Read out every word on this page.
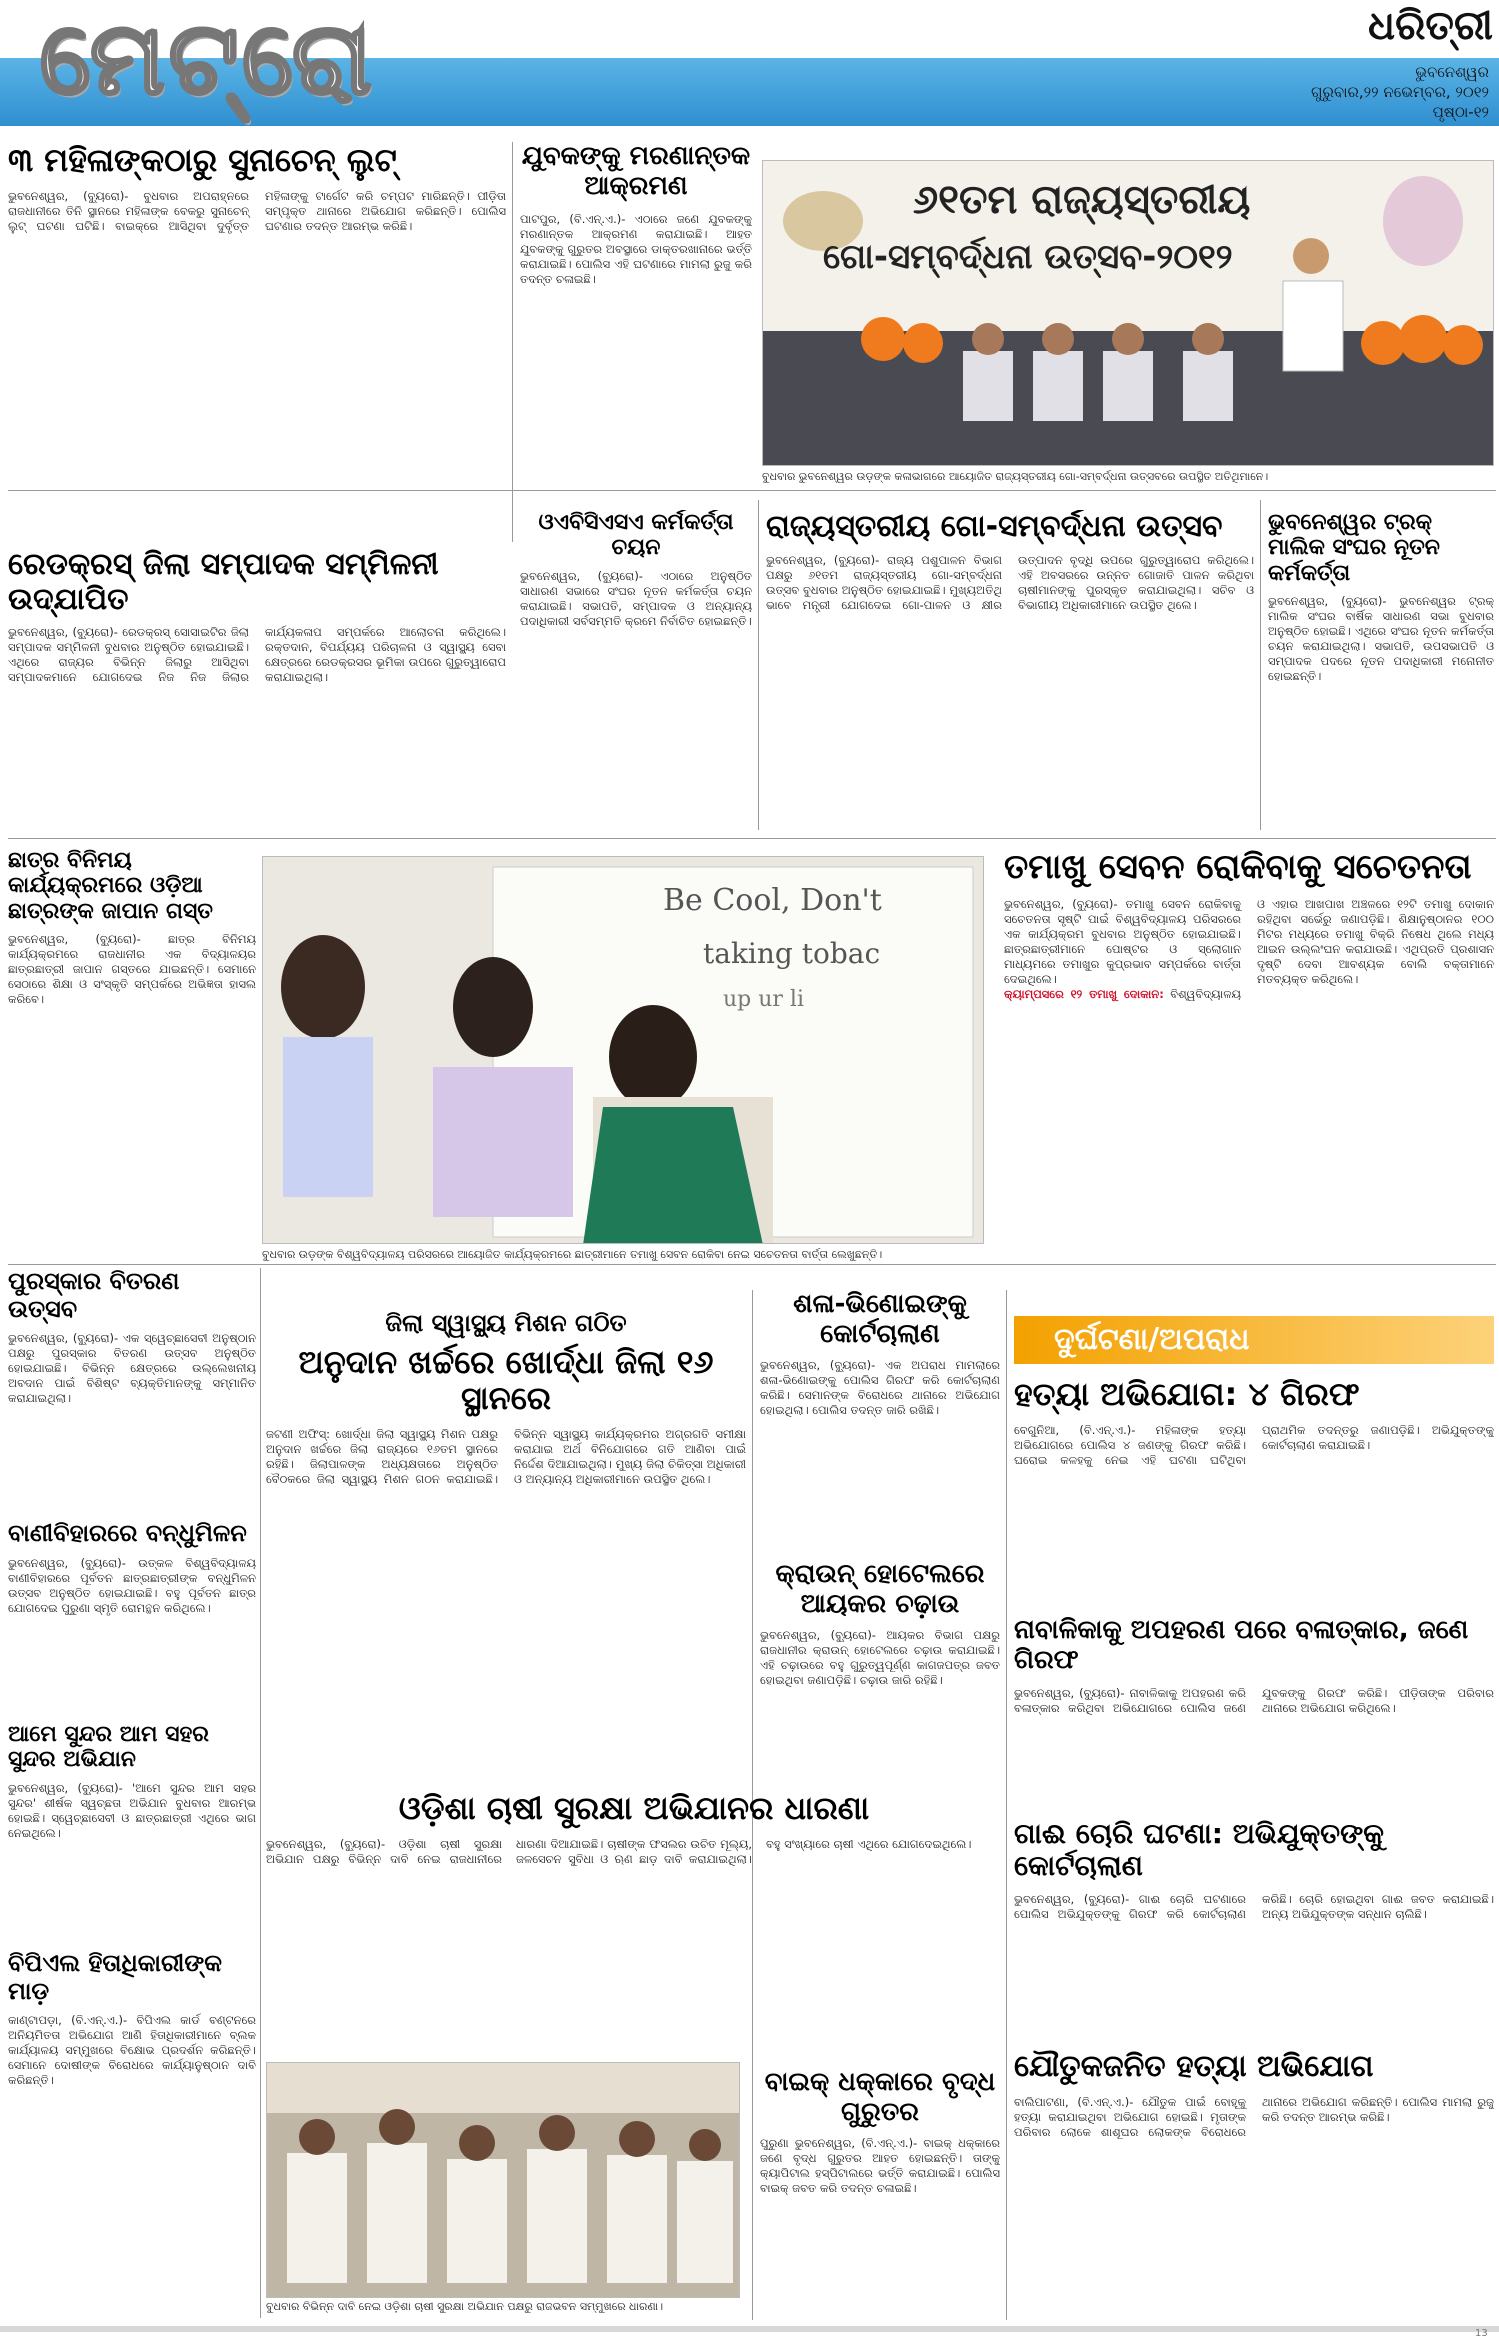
ମେଟ୍ରୋ	ଧରିତ୍ରୀ
ଭୁବନେଶ୍ୱର
ଗୁରୁବାର,୨୨ ନଭେମ୍ବର, ୨୦୧୨
ପୃଷ୍ଠା-୧୨
୩ ମହିଳାଙ୍କଠାରୁ ସୁନାଚେନ୍ ଲୁଟ୍
ଭୁବନେଶ୍ୱର, (ବ୍ୟୁରୋ)- ବୁଧବାର ଅପରାହ୍ନରେ ରାଜଧାନୀରେ ତିନି ସ୍ଥାନରେ ମହିଳାଙ୍କ ବେକରୁ ସୁନାଚେନ୍ ଲୁଟ୍ ଘଟଣା ଘଟିଛି। ବାଇକ୍‌ରେ ଆସିଥିବା ଦୁର୍ବୃତ୍ତ ମହିଳାଙ୍କୁ ଟାର୍ଗେଟ କରି ଚମ୍ପଟ ମାରିଛନ୍ତି। ପୀଡ଼ିତା ସମ୍ପୃକ୍ତ ଥାନାରେ ଅଭିଯୋଗ କରିଛନ୍ତି। ପୋଲିସ ଘଟଣାର ତଦନ୍ତ ଆରମ୍ଭ କରିଛି।
ଯୁବକଙ୍କୁ ମରଣାନ୍ତକ ଆକ୍ରମଣ
ପାଟପୁର, (ବି.ଏନ୍.ଏ.)- ଏଠାରେ ଜଣେ ଯୁବକଙ୍କୁ ମରଣାନ୍ତକ ଆକ୍ରମଣ କରାଯାଇଛି। ଆହତ ଯୁବକଙ୍କୁ ଗୁରୁତର ଅବସ୍ଥାରେ ଡାକ୍ତରଖାନାରେ ଭର୍ତ୍ତି କରାଯାଇଛି। ପୋଲିସ ଏହି ଘଟଣାରେ ମାମଲା ରୁଜୁ କରି ତଦନ୍ତ ଚଳାଇଛି।
୬୧ତମ ରାଜ୍ୟସ୍ତରୀୟ
ଗୋ-ସମ୍ବର୍ଦ୍ଧନା ଉତ୍ସବ-୨୦୧୨
ବୁଧବାର ଭୁବନେଶ୍ୱର ଉଡ଼ଙ୍କ କଳାଭାଗରେ ଆୟୋଜିତ ରାଜ୍ୟସ୍ତରୀୟ ଗୋ-ସମ୍ବର୍ଦ୍ଧନା ଉତ୍ସବରେ ଉପସ୍ଥିତ ଅତିଥିମାନେ।
ରେଡକ୍ରସ୍ ଜିଲା ସମ୍ପାଦକ ସମ୍ମିଳନୀ ଉଦ୍‌ଯାପିତ
ଭୁବନେଶ୍ୱର, (ବ୍ୟୁରୋ)- ରେଡକ୍ରସ୍ ସୋସାଇଟିର ଜିଲା ସମ୍ପାଦକ ସମ୍ମିଳନୀ ବୁଧବାର ଅନୁଷ୍ଠିତ ହୋଇଯାଇଛି। ଏଥିରେ ରାଜ୍ୟର ବିଭିନ୍ନ ଜିଲାରୁ ଆସିଥିବା ସମ୍ପାଦକମାନେ ଯୋଗଦେଇ ନିଜ ନିଜ ଜିଲାର କାର୍ଯ୍ୟକଳାପ ସମ୍ପର୍କରେ ଆଲୋଚନା କରିଥିଲେ। ରକ୍ତଦାନ, ବିପର୍ଯ୍ୟୟ ପରିଚାଳନା ଓ ସ୍ୱାସ୍ଥ୍ୟ ସେବା କ୍ଷେତ୍ରରେ ରେଡକ୍ରସର ଭୂମିକା ଉପରେ ଗୁରୁତ୍ୱାରୋପ କରାଯାଇଥିଲା।
ଓଏବିସିଏସଏ କର୍ମକର୍ତ୍ତା ଚୟନ
ଭୁବନେଶ୍ୱର, (ବ୍ୟୁରୋ)- ଏଠାରେ ଅନୁଷ୍ଠିତ ସାଧାରଣ ସଭାରେ ସଂଘର ନୂତନ କର୍ମକର୍ତ୍ତା ଚୟନ କରାଯାଇଛି। ସଭାପତି, ସମ୍ପାଦକ ଓ ଅନ୍ୟାନ୍ୟ ପଦାଧିକାରୀ ସର୍ବସମ୍ମତି କ୍ରମେ ନିର୍ବାଚିତ ହୋଇଛନ୍ତି।
ରାଜ୍ୟସ୍ତରୀୟ ଗୋ-ସମ୍ବର୍ଦ୍ଧନା ଉତ୍ସବ
ଭୁବନେଶ୍ୱର, (ବ୍ୟୁରୋ)- ରାଜ୍ୟ ପଶୁପାଳନ ବିଭାଗ ପକ୍ଷରୁ ୬୧ତମ ରାଜ୍ୟସ୍ତରୀୟ ଗୋ-ସମ୍ବର୍ଦ୍ଧନା ଉତ୍ସବ ବୁଧବାର ଅନୁଷ୍ଠିତ ହୋଇଯାଇଛି। ମୁଖ୍ୟଅତିଥି ଭାବେ ମନ୍ତ୍ରୀ ଯୋଗଦେଇ ଗୋ-ପାଳନ ଓ କ୍ଷୀର ଉତ୍ପାଦନ ବୃଦ୍ଧି ଉପରେ ଗୁରୁତ୍ୱାରୋପ କରିଥିଲେ। ଏହି ଅବସରରେ ଉନ୍ନତ ଗୋଜାତି ପାଳନ କରିଥିବା ଚାଷୀମାନଙ୍କୁ ପୁରସ୍କୃତ କରାଯାଇଥିଲା। ସଚିବ ଓ ବିଭାଗୀୟ ଅଧିକାରୀମାନେ ଉପସ୍ଥିତ ଥିଲେ।
ଭୁବନେଶ୍ୱର ଟ୍ରକ୍ ମାଲିକ ସଂଘର ନୂତନ କର୍ମକର୍ତ୍ତା
ଭୁବନେଶ୍ୱର, (ବ୍ୟୁରୋ)- ଭୁବନେଶ୍ୱର ଟ୍ରକ୍ ମାଲିକ ସଂଘର ବାର୍ଷିକ ସାଧାରଣ ସଭା ବୁଧବାର ଅନୁଷ୍ଠିତ ହୋଇଛି। ଏଥିରେ ସଂଘର ନୂତନ କର୍ମକର୍ତ୍ତା ଚୟନ କରାଯାଇଥିଲା। ସଭାପତି, ଉପସଭାପତି ଓ ସମ୍ପାଦକ ପଦରେ ନୂତନ ପଦାଧିକାରୀ ମନୋନୀତ ହୋଇଛନ୍ତି।
ଛାତ୍ର ବିନିମୟ କାର୍ଯ୍ୟକ୍ରମରେ ଓଡ଼ିଆ ଛାତ୍ରଙ୍କ ଜାପାନ ଗସ୍ତ
ଭୁବନେଶ୍ୱର, (ବ୍ୟୁରୋ)- ଛାତ୍ର ବିନିମୟ କାର୍ଯ୍ୟକ୍ରମରେ ରାଜଧାନୀର ଏକ ବିଦ୍ୟାଳୟର ଛାତ୍ରଛାତ୍ରୀ ଜାପାନ ଗସ୍ତରେ ଯାଇଛନ୍ତି। ସେମାନେ ସେଠାରେ ଶିକ୍ଷା ଓ ସଂସ୍କୃତି ସମ୍ପର୍କରେ ଅଭିଜ୍ଞତା ହାସଲ କରିବେ।
Be Cool, Don't
taking tobac
up ur li
ବୁଧବାର ଉଡ଼ଙ୍କ ବିଶ୍ୱବିଦ୍ୟାଳୟ ପରିସରରେ ଆୟୋଜିତ କାର୍ଯ୍ୟକ୍ରମରେ ଛାତ୍ରୀମାନେ ତମାଖୁ ସେବନ ରୋକିବା ନେଇ ସଚେତନତା ବାର୍ତ୍ତା ଲେଖୁଛନ୍ତି।
ତମାଖୁ ସେବନ ରୋକିବାକୁ ସଚେତନତା
ଭୁବନେଶ୍ୱର, (ବ୍ୟୁରୋ)- ତମାଖୁ ସେବନ ରୋକିବାକୁ ସଚେତନତା ସୃଷ୍ଟି ପାଇଁ ବିଶ୍ୱବିଦ୍ୟାଳୟ ପରିସରରେ ଏକ କାର୍ଯ୍ୟକ୍ରମ ବୁଧବାର ଅନୁଷ୍ଠିତ ହୋଇଯାଇଛି। ଛାତ୍ରଛାତ୍ରୀମାନେ ପୋଷ୍ଟର ଓ ସ୍ଲୋଗାନ ମାଧ୍ୟମରେ ତମାଖୁର କୁପ୍ରଭାବ ସମ୍ପର୍କରେ ବାର୍ତ୍ତା ଦେଇଥିଲେ।
କ୍ୟାମ୍ପସରେ ୧୨ ତମାଖୁ ଦୋକାନ: ବିଶ୍ୱବିଦ୍ୟାଳୟ ଓ ଏହାର ଆଖପାଖ ଅଞ୍ଚଳରେ ୧୨ଟି ତମାଖୁ ଦୋକାନ ରହିଥିବା ସର୍ଭେରୁ ଜଣାପଡ଼ିଛି। ଶିକ୍ଷାନୁଷ୍ଠାନର ୧୦୦ ମିଟର ମଧ୍ୟରେ ତମାଖୁ ବିକ୍ରି ନିଷେଧ ଥିଲେ ମଧ୍ୟ ଆଇନ ଉଲ୍ଲଂଘନ କରାଯାଉଛି। ଏଥିପ୍ରତି ପ୍ରଶାସନ ଦୃଷ୍ଟି ଦେବା ଆବଶ୍ୟକ ବୋଲି ବକ୍ତାମାନେ ମତବ୍ୟକ୍ତ କରିଥିଲେ।
ପୁରସ୍କାର ବିତରଣ ଉତ୍ସବ
ଭୁବନେଶ୍ୱର, (ବ୍ୟୁରୋ)- ଏକ ସ୍ୱେଚ୍ଛାସେବୀ ଅନୁଷ୍ଠାନ ପକ୍ଷରୁ ପୁରସ୍କାର ବିତରଣ ଉତ୍ସବ ଅନୁଷ୍ଠିତ ହୋଇଯାଇଛି। ବିଭିନ୍ନ କ୍ଷେତ୍ରରେ ଉଲ୍ଲେଖନୀୟ ଅବଦାନ ପାଇଁ ବିଶିଷ୍ଟ ବ୍ୟକ୍ତିମାନଙ୍କୁ ସମ୍ମାନିତ କରାଯାଇଥିଲା।
ବାଣୀବିହାରରେ ବନ୍ଧୁମିଳନ
ଭୁବନେଶ୍ୱର, (ବ୍ୟୁରୋ)- ଉତ୍କଳ ବିଶ୍ୱବିଦ୍ୟାଳୟ ବାଣୀବିହାରରେ ପୂର୍ବତନ ଛାତ୍ରଛାତ୍ରୀଙ୍କ ବନ୍ଧୁମିଳନ ଉତ୍ସବ ଅନୁଷ୍ଠିତ ହୋଇଯାଇଛି। ବହୁ ପୂର୍ବତନ ଛାତ୍ର ଯୋଗଦେଇ ପୁରୁଣା ସ୍ମୃତି ରୋମନ୍ଥନ କରିଥିଲେ।
ଆମେ ସୁନ୍ଦର ଆମ ସହର ସୁନ୍ଦର ଅଭିଯାନ
ଭୁବନେଶ୍ୱର, (ବ୍ୟୁରୋ)- 'ଆମେ ସୁନ୍ଦର ଆମ ସହର ସୁନ୍ଦର' ଶୀର୍ଷକ ସ୍ୱଚ୍ଛତା ଅଭିଯାନ ବୁଧବାର ଆରମ୍ଭ ହୋଇଛି। ସ୍ୱେଚ୍ଛାସେବୀ ଓ ଛାତ୍ରଛାତ୍ରୀ ଏଥିରେ ଭାଗ ନେଇଥିଲେ।
ବିପିଏଲ ହିତାଧିକାରୀଙ୍କ ମାଡ଼
କାଣ୍ଟାପଡ଼ା, (ବି.ଏନ୍.ଏ.)- ବିପିଏଲ କାର୍ଡ ବଣ୍ଟନରେ ଅନିୟମିତତା ଅଭିଯୋଗ ଆଣି ହିତାଧିକାରୀମାନେ ବ୍ଲକ କାର୍ଯ୍ୟାଳୟ ସମ୍ମୁଖରେ ବିକ୍ଷୋଭ ପ୍ରଦର୍ଶନ କରିଛନ୍ତି। ସେମାନେ ଦୋଷୀଙ୍କ ବିରୋଧରେ କାର୍ଯ୍ୟାନୁଷ୍ଠାନ ଦାବି କରିଛନ୍ତି।
ଜିଲା ସ୍ୱାସ୍ଥ୍ୟ ମିଶନ ଗଠିତ
ଅନୁଦାନ ଖର୍ଚ୍ଚରେ ଖୋର୍ଦ୍ଧା ଜିଲା ୧୬ ସ୍ଥାନରେ
ଜଟଣୀ ଅଫିସ୍: ଖୋର୍ଦ୍ଧା ଜିଲା ସ୍ୱାସ୍ଥ୍ୟ ମିଶନ ପକ୍ଷରୁ ଅନୁଦାନ ଖର୍ଚ୍ଚରେ ଜିଲା ରାଜ୍ୟରେ ୧୬ତମ ସ୍ଥାନରେ ରହିଛି। ଜିଲାପାଳଙ୍କ ଅଧ୍ୟକ୍ଷତାରେ ଅନୁଷ୍ଠିତ ବୈଠକରେ ଜିଲା ସ୍ୱାସ୍ଥ୍ୟ ମିଶନ ଗଠନ କରାଯାଇଛି। ବିଭିନ୍ନ ସ୍ୱାସ୍ଥ୍ୟ କାର୍ଯ୍ୟକ୍ରମର ଅଗ୍ରଗତି ସମୀକ୍ଷା କରାଯାଇ ଅର୍ଥ ବିନିଯୋଗରେ ଗତି ଆଣିବା ପାଇଁ ନିର୍ଦ୍ଦେଶ ଦିଆଯାଇଥିଲା। ମୁଖ୍ୟ ଜିଲା ଚିକିତ୍ସା ଅଧିକାରୀ ଓ ଅନ୍ୟାନ୍ୟ ଅଧିକାରୀମାନେ ଉପସ୍ଥିତ ଥିଲେ।
ଶଳା-ଭିଣୋଇଙ୍କୁ କୋର୍ଟଚାଲାଣ
ଭୁବନେଶ୍ୱର, (ବ୍ୟୁରୋ)- ଏକ ଅପରାଧ ମାମଲାରେ ଶଳା-ଭିଣୋଇଙ୍କୁ ପୋଲିସ ଗିରଫ କରି କୋର୍ଟଚାଲାଣ କରିଛି। ସେମାନଙ୍କ ବିରୋଧରେ ଥାନାରେ ଅଭିଯୋଗ ହୋଇଥିଲା। ପୋଲିସ ତଦନ୍ତ ଜାରି ରଖିଛି।
କ୍ରାଉନ୍ ହୋଟେଲରେ ଆୟକର ଚଢ଼ାଉ
ଭୁବନେଶ୍ୱର, (ବ୍ୟୁରୋ)- ଆୟକର ବିଭାଗ ପକ୍ଷରୁ ରାଜଧାନୀର କ୍ରାଉନ୍ ହୋଟେଲରେ ଚଢ଼ାଉ କରାଯାଇଛି। ଏହି ଚଢ଼ାଉରେ ବହୁ ଗୁରୁତ୍ୱପୂର୍ଣ୍ଣ କାଗଜପତ୍ର ଜବତ ହୋଇଥିବା ଜଣାପଡ଼ିଛି। ଚଢ଼ାଉ ଜାରି ରହିଛି।
ଓଡ଼ିଶା ଚାଷୀ ସୁରକ୍ଷା ଅଭିଯାନର ଧାରଣା
ଭୁବନେଶ୍ୱର, (ବ୍ୟୁରୋ)- ଓଡ଼ିଶା ଚାଷୀ ସୁରକ୍ଷା ଅଭିଯାନ ପକ୍ଷରୁ ବିଭିନ୍ନ ଦାବି ନେଇ ରାଜଧାନୀରେ ଧାରଣା ଦିଆଯାଇଛି। ଚାଷୀଙ୍କ ଫସଲର ଉଚିତ ମୂଲ୍ୟ, ଜଳସେଚନ ସୁବିଧା ଓ ଋଣ ଛାଡ଼ ଦାବି କରାଯାଇଥିଲା। ବହୁ ସଂଖ୍ୟାରେ ଚାଷୀ ଏଥିରେ ଯୋଗଦେଇଥିଲେ।
ବୁଧବାର ବିଭିନ୍ନ ଦାବି ନେଇ ଓଡ଼ିଶା ଚାଷୀ ସୁରକ୍ଷା ଅଭିଯାନ ପକ୍ଷରୁ ରାଜଭବନ ସମ୍ମୁଖରେ ଧାରଣା।
ବାଇକ୍ ଧକ୍କାରେ ବୃଦ୍ଧ ଗୁରୁତର
ପୁରୁଣା ଭୁବନେଶ୍ୱର, (ବି.ଏନ୍.ଏ.)- ବାଇକ୍ ଧକ୍କାରେ ଜଣେ ବୃଦ୍ଧ ଗୁରୁତର ଆହତ ହୋଇଛନ୍ତି। ତାଙ୍କୁ କ୍ୟାପିଟାଲ ହସ୍ପିଟାଲରେ ଭର୍ତ୍ତି କରାଯାଇଛି। ପୋଲିସ ବାଇକ୍ ଜବତ କରି ତଦନ୍ତ ଚଳାଇଛି।
ଦୁର୍ଘଟଣା/ଅପରାଧ
ହତ୍ୟା ଅଭିଯୋଗ: ୪ ଗିରଫ
ବେଗୁନିଆ, (ବି.ଏନ୍.ଏ.)- ମହିଳାଙ୍କ ହତ୍ୟା ଅଭିଯୋଗରେ ପୋଲିସ ୪ ଜଣଙ୍କୁ ଗିରଫ କରିଛି। ଘରୋଇ କଳହକୁ ନେଇ ଏହି ଘଟଣା ଘଟିଥିବା ପ୍ରାଥମିକ ତଦନ୍ତରୁ ଜଣାପଡ଼ିଛି। ଅଭିଯୁକ୍ତଙ୍କୁ କୋର୍ଟଚାଲାଣ କରାଯାଇଛି।
ନାବାଳିକାକୁ ଅପହରଣ ପରେ ବଳାତ୍କାର, ଜଣେ ଗିରଫ
ଭୁବନେଶ୍ୱର, (ବ୍ୟୁରୋ)- ନାବାଳିକାକୁ ଅପହରଣ କରି ବଳାତ୍କାର କରିଥିବା ଅଭିଯୋଗରେ ପୋଲିସ ଜଣେ ଯୁବକଙ୍କୁ ଗିରଫ କରିଛି। ପୀଡ଼ିତାଙ୍କ ପରିବାର ଥାନାରେ ଅଭିଯୋଗ କରିଥିଲେ।
ଗାଈ ଚୋରି ଘଟଣା: ଅଭିଯୁକ୍ତଙ୍କୁ କୋର୍ଟଚାଲାଣ
ଭୁବନେଶ୍ୱର, (ବ୍ୟୁରୋ)- ଗାଈ ଚୋରି ଘଟଣାରେ ପୋଲିସ ଅଭିଯୁକ୍ତଙ୍କୁ ଗିରଫ କରି କୋର୍ଟଚାଲାଣ କରିଛି। ଚୋରି ହୋଇଥିବା ଗାଈ ଜବତ କରାଯାଇଛି। ଅନ୍ୟ ଅଭିଯୁକ୍ତଙ୍କ ସନ୍ଧାନ ଚାଲିଛି।
ଯୌତୁକଜନିତ ହତ୍ୟା ଅଭିଯୋଗ
ବାଲିପାଟଣା, (ବି.ଏନ୍.ଏ.)- ଯୌତୁକ ପାଇଁ ବୋହୂକୁ ହତ୍ୟା କରାଯାଇଥିବା ଅଭିଯୋଗ ହୋଇଛି। ମୃତାଙ୍କ ପରିବାର ଲୋକେ ଶାଶୂଘର ଲୋକଙ୍କ ବିରୋଧରେ ଥାନାରେ ଅଭିଯୋଗ କରିଛନ୍ତି। ପୋଲିସ ମାମଲା ରୁଜୁ କରି ତଦନ୍ତ ଆରମ୍ଭ କରିଛି।
13
